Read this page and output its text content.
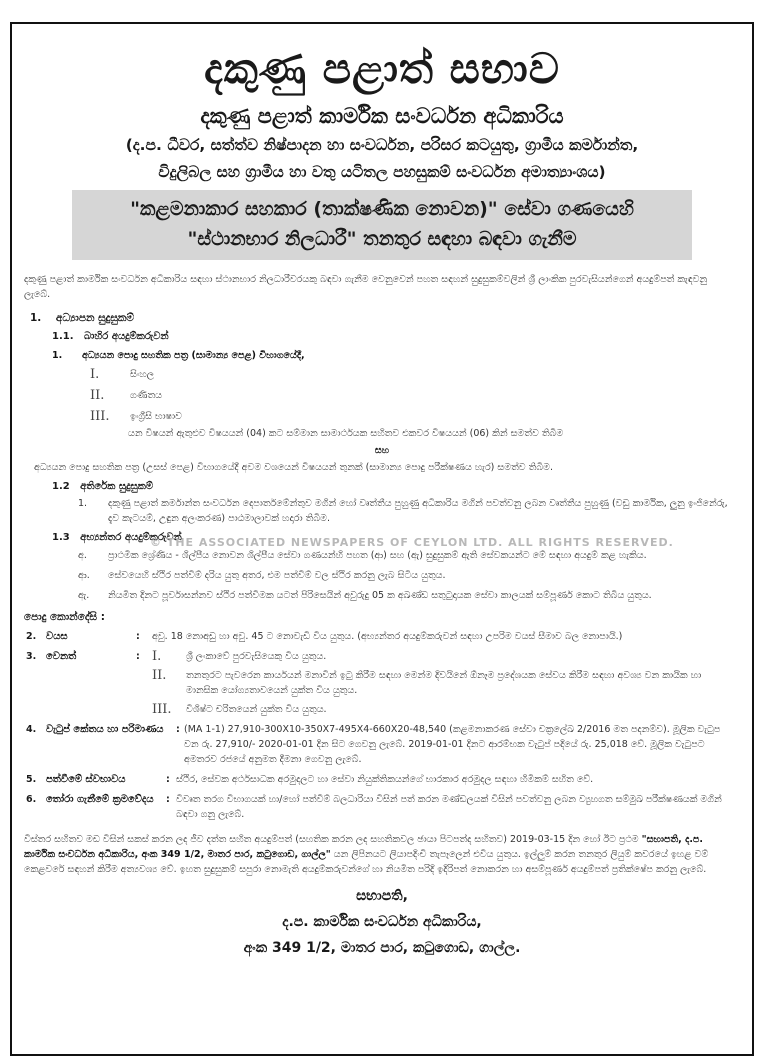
දකුණු පළාත් සභාව
දකුණු පළාත් කාර්මික සංවර්ධන අධිකාරිය
(ද.ප. ධීවර, සත්ත්ව නිෂ්පාදන හා සංවර්ධන, පරිසර කටයුතු, ග්‍රාමීය කර්මාන්ත,
විදුලිබල සහ ග්‍රාමීය හා වතු යටිතල පහසුකම් සංවර්ධන අමාත්‍යාංශය)
"කළමනාකාර සහකාර (තාක්ෂණික නොවන)" සේවා ගණයෙහි
"ස්ථානභාර නිලධාරී" තනතුර සඳහා බඳවා ගැනීම
දකුණු පළාත් කාර්මික සංවර්ධන අධිකාරිය සඳහා ස්ථානභාර නිලධාරීවරයකු බඳවා ගැනීම වෙනුවෙන් පහත සඳහන් සුදුසුකම්වලින් ශ්‍රී ලාංකික පුරවැසියන්ගෙන් අයදුම්පත් කැඳවනු ලැබේ.
1. අධ්‍යාපන සුදුසුකම්
1.1. බාහිර අයදුම්කරුවන්
1.	අධ්‍යයන පොදු සහතික පත්‍ර (සාමාන්‍ය පෙළ) විභාගයේදී,
I.	සිංහල
II.	ගණිතය
III.	ඉංග්‍රීසි භාෂාව
යන විෂයන් ඇතුළුව විෂයයන් (04) කට සම්මාන සාමාර්ථයක සහිතව එකවර විෂයයන් (06) කින් සමත්ව තිබීම
සහ
අධ්‍යයන පොදු සහතික පත්‍ර (උසස් පෙළ) විභාගයේදී අවම වශයෙන් විෂයයන් තුනක් (සාමාන්‍ය පොදු පරීක්ෂණය හැර) සමත්ව තිබීම.
1.2 අතිරේක සුදුසුකම්
1.	දකුණු පළාත් කර්මාන්ත සංවර්ධන දෙපාර්තමේන්තුව මගින් හෝ වෘත්තීය පුහුණු අධිකාරිය මගින් පවත්වනු ලබන වෘත්තීය පුහුණු (වඩු කාර්මික, ලුනු ඉංජිනේරු, දැව කැටයම්, උඳුන අලංකරණ) පාඨමාලාවක් හදාරා තිබීම.
1.3 අභ්‍යන්තර අයදුම්කරුවන්
අ.	ප්‍රාථමික ශ්‍රේණිය - ශිල්පීය නොවන ශිල්පීය සේවා ගණයන්හි පහත (ආ) සහ (ඇ) සුදුසුකම් ඇති සේවකයන්ට මේ සඳහා අයදුම් කළ හැකිය.
ආ.	සේවයෙහි ස්ථිර පත්වීම් දරිය යුතු අතර, එම පත්වීම් වල ස්ථිර කරනු ලැබ සිටිය යුතුය.
ඇ.	නියමිත දිනට පූර්වාසන්නව ස්ථිර පත්වීමක යටත් පිරිසෙයින් අවුරුදු 05 ක අඛණ්ඩ සතුටුදායක සේවා කාලයක් සම්පූර්ණ කොට තිබිය යුතුය.
පොදු කොන්දේසි :
2. වයස	:	අවු. 18 නොඅඩු හා අවු. 45 ට නොවැඩි විය යුතුය. (අභ්‍යන්තර අයදුම්කරුවන් සඳහා උපරිම වයස් සීමාව බල නොපායි.)
3. වෙනත්	: I.	ශ්‍රී ලංකාවේ පුරවැසියෙකු විය යුතුය.
II.	තනතුරට පැවරෙන කාර්යයන් මනාවින් ඉටු කිරීම සඳහා මෙන්ම දිවයිනේ ඕනෑම ප්‍රදේශයක සේවය කිරීම සඳහා අවශ්‍ය වන කායික හා මානසික යෝග්‍යතාවයෙන් යුක්ත විය යුතුය.
III.	විශිෂ්ට චරිතයෙන් යුක්ත විය යුතුය.
4. වැටුප් කේතය හා පරිමාණය	: (MA 1-1) 27,910-300X10-350X7-495X4-660X20-48,540 (කළමනාකරණ සේවා චක්‍රලේඛ 2/2016 මත පදනම්ව). මූලික වැටුප වන රු. 27,910/- 2020-01-01 දින සිට ගෙවනු ලැබේ. 2019-01-01 දිනට ආරම්භක වැටුප් පදියේ රු. 25,018 වේ. මූලික වැටුපට අමතරව රජයේ අනුමත දීමනා ගෙවනු ලැබේ.
5. පත්වීමේ ස්වභාවය	: ස්ථිර, සේවක අර්ථසාධක අරමුදලට හා සේවා නියුක්තිකයන්ගේ භාරකාර අරමුදල සඳහා හිමිකම් සහිත වේ.
6. තෝරා ගැනීමේ ක්‍රමවේදය	: විවෘත තරග විභාගයක් හා/හෝ පත්වීම් බලධාරියා විසින් පත් කරන මණ්ඩලයක් විසින් පවත්වනු ලබන ව්‍යුහගත සම්මුඛ පරීක්ෂණයක් මගින් බඳවා ගනු ලැබේ.
විස්තර සහිතව මඩ විසින් සකස් කරන ලද ජීව දත්ත සහිත අයදුම්පත් (සහතික කරන ලද සහතිකවල ඡායා පිටපත්ද සහිතව) 2019-03-15 දින හෝ ඊට ප්‍රථම "සභාපති, ද.ප. කාර්මික සංවර්ධන අධිකාරිය, අංක 349 1/2, මාතර පාර, කටුගොඩ, ගාල්ල" යන ලිපිනයට ලියාපදිංචි තැපෑලෙන් එවිය යුතුය. ඉල්ලුම් කරන තනතුර ලියුම් කවරයේ ඉහළ වම් කෙළවරේ සඳහන් කිරීම අත්‍යවශ්‍ය වේ. ඉහත සුදුසුකම් සපුරා නොමැති අයදුම්කරුවන්ගේ හා නියමිත පරිදි ඉදිරිපත් නොකරන හා අසම්පූර්ණ අයදුම්පත් ප්‍රතික්ෂේප කරනු ලැබේ.
සභාපති,
ද.ප. කාර්මික සංවර්ධන අධිකාරිය,
අංක 349 1/2, මාතර පාර, කටුගොඩ, ගාල්ල.
© THE ASSOCIATED NEWSPAPERS OF CEYLON LTD. ALL RIGHTS RESERVED.
